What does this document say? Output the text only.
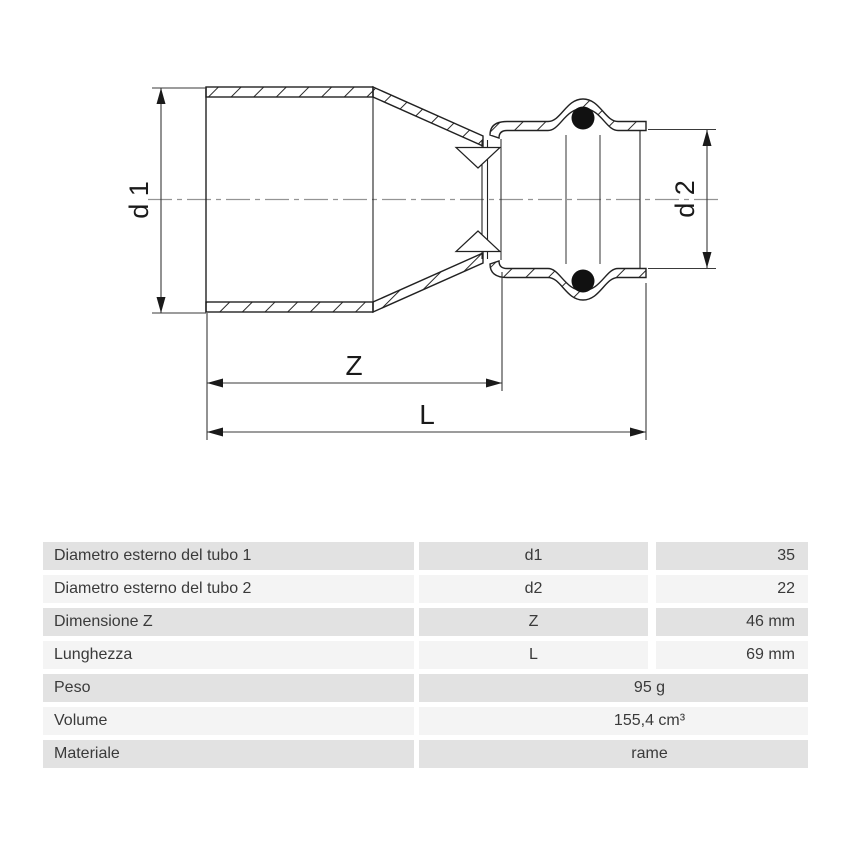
d 1	d 2
Z
L
Diametro esterno del tubo 1	d1	35
Diametro esterno del tubo 2	d2	22
Dimensione Z	Z	46 mm
Lunghezza	L	69 mm
Peso	95 g
Volume	155,4 cm³
Materiale	rame
